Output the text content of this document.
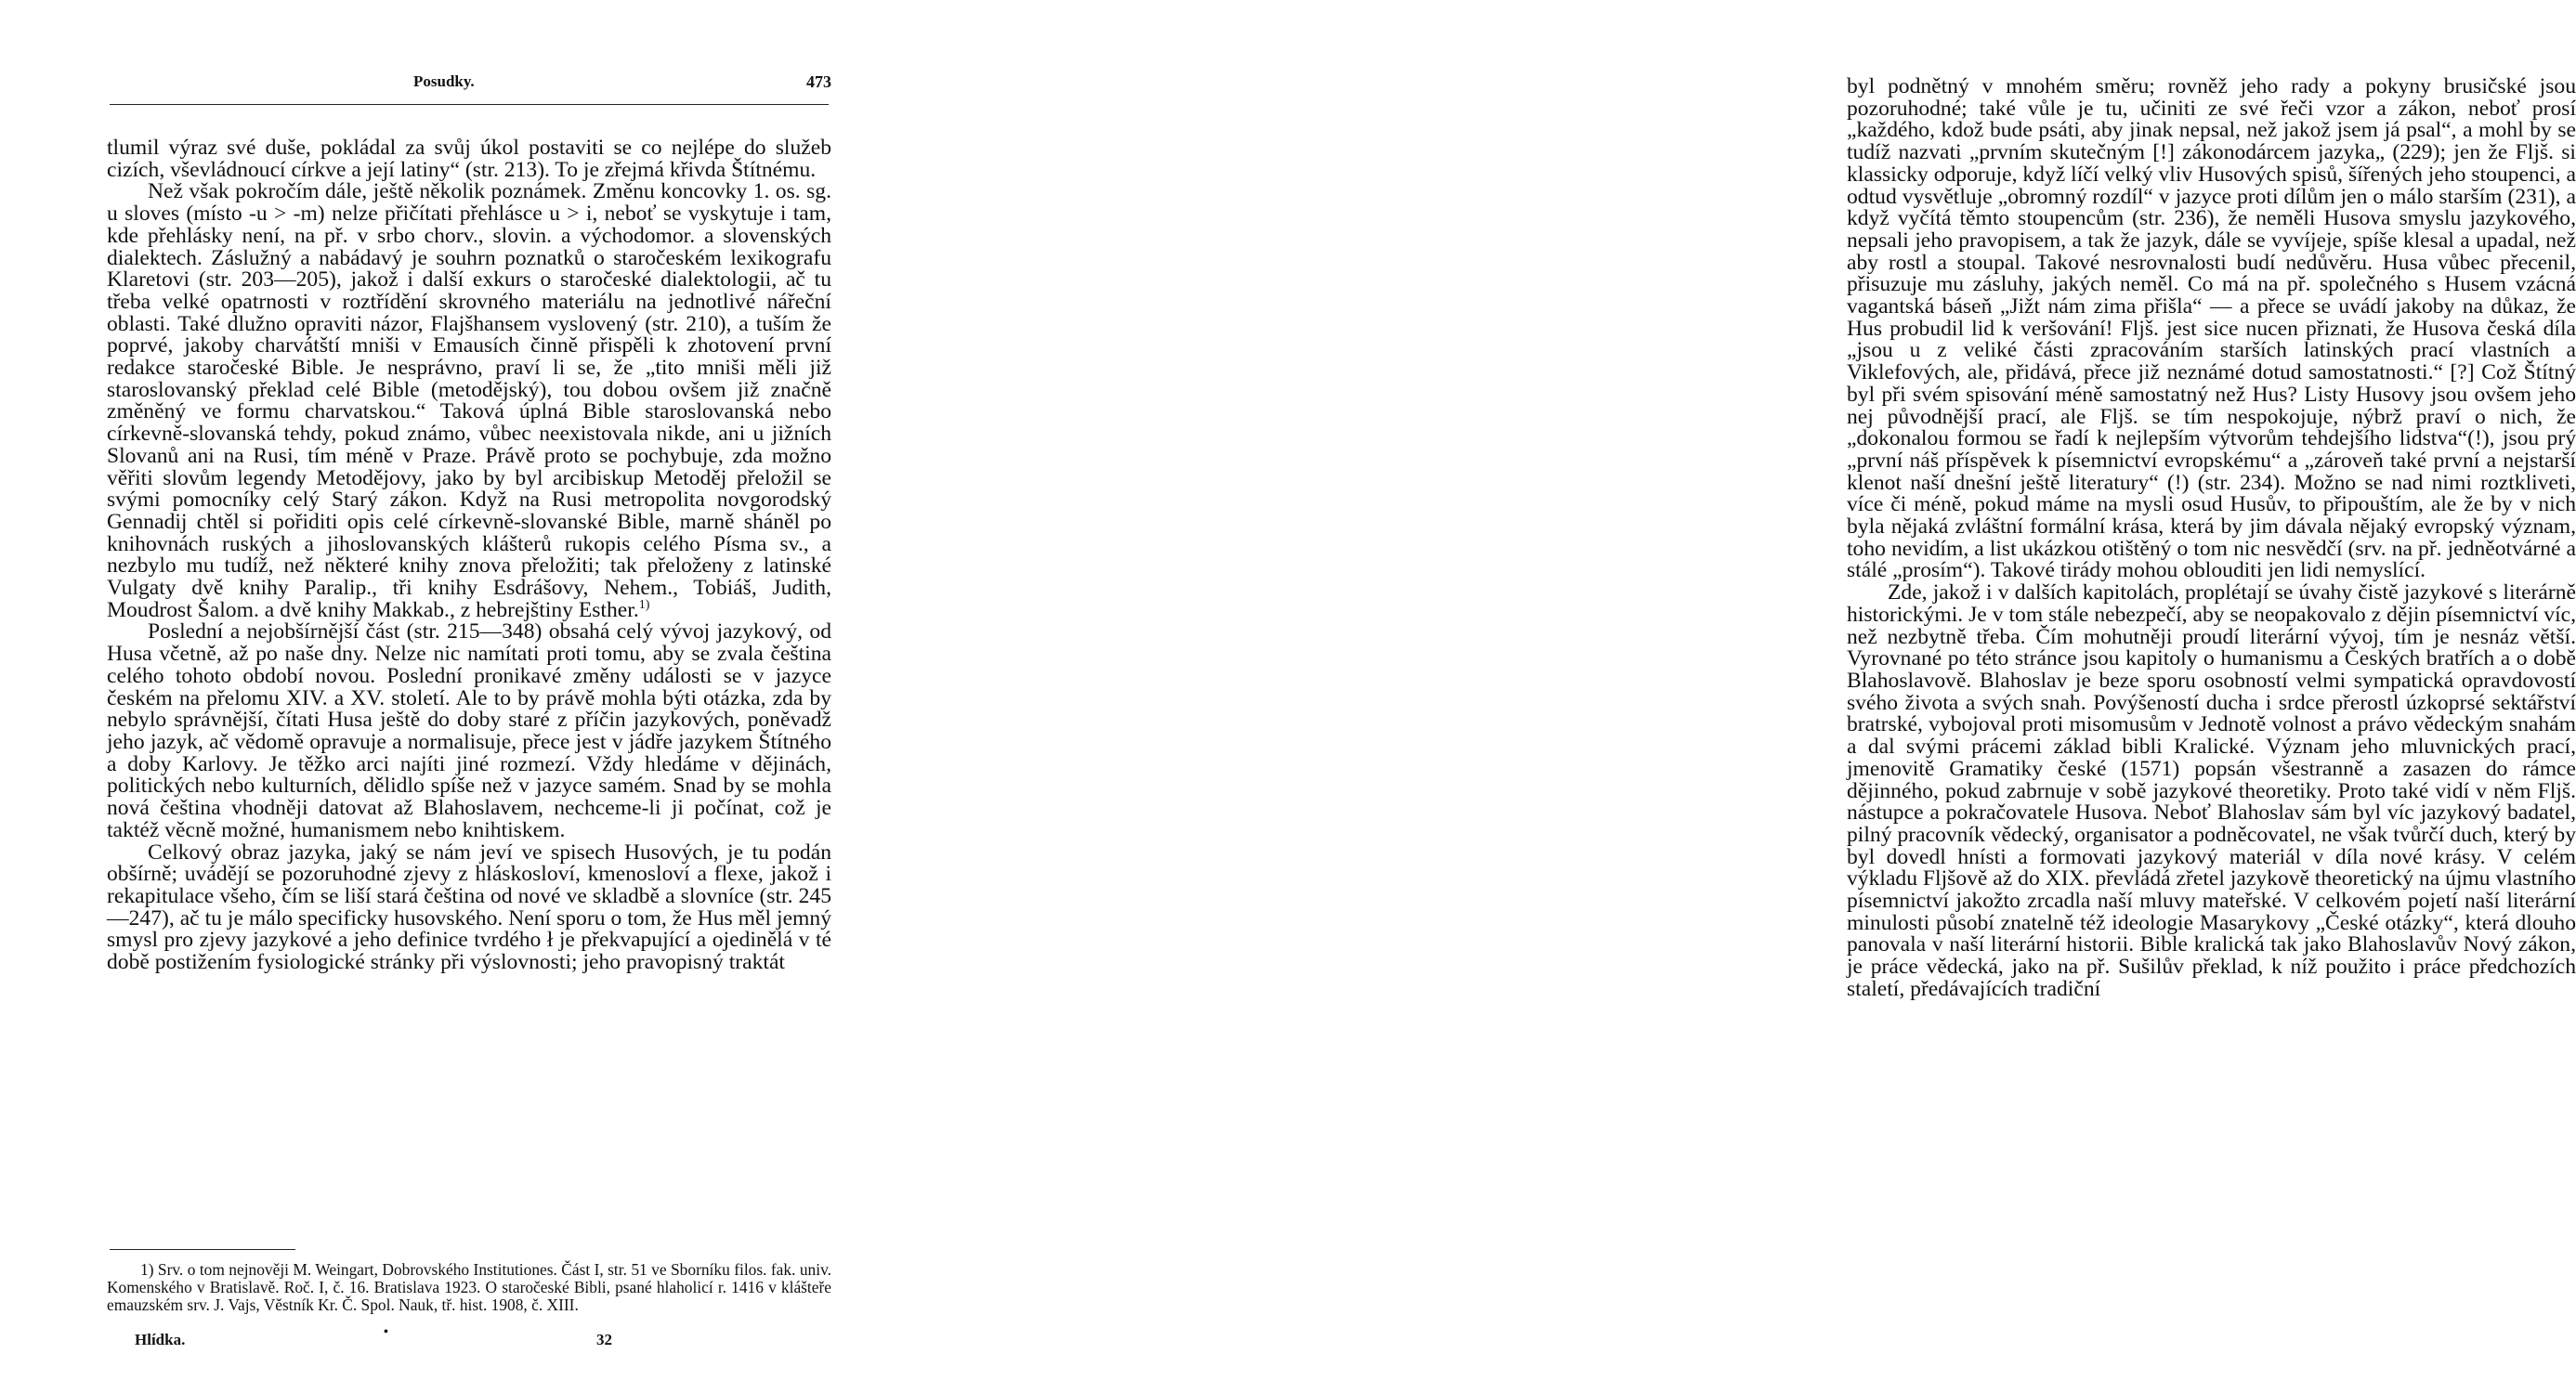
Posudky.	473

tlumil výraz své duše, pokládal za svůj úkol postaviti se co nejlépe do služeb cizích, vševládnoucí církve a její latiny“ (str. 213). To je zřejmá křivda Štítnému.

Než však pokročím dále, ještě několik poznámek. Změnu koncovky 1. os. sg. u sloves (místo ‑u > ‑m) nelze přičítati přehlásce u > i, neboť se vyskytuje i tam, kde přehlásky není, na př. v srbo chorv., slovin. a východomor. a slovenských dialektech. Záslužný a nabádavý je souhrn poznatků o staročeském lexikografu Klaretovi (str. 203—205), jakož i další exkurs o staročeské dialektologii, ač tu třeba velké opatrnosti v roztřídění skrovného materiálu na jednotlivé nářeční oblasti. Také dlužno opraviti názor, Flajšhansem vyslovený (str. 210), a tuším že poprvé, jakoby charvátští mniši v Emausích činně přispěli k zhotovení první redakce staročeské Bible. Je nesprávno, praví li se, že „tito mniši měli již staroslovanský překlad celé Bible (metodějský), tou dobou ovšem již značně změněný ve formu charvatskou.“ Taková úplná Bible staroslovanská nebo církevně-slovanská tehdy, pokud známo, vůbec neexistovala nikde, ani u jižních Slovanů ani na Rusi, tím méně v Praze. Právě proto se pochybuje, zda možno věřiti slovům legendy Metodějovy, jako by byl arcibiskup Metoděj přeložil se svými pomocníky celý Starý zákon. Když na Rusi metropolita novgorodský Gennadij chtěl si pořiditi opis celé církevně-slovanské Bible, marně sháněl po knihovnách ruských a jihoslovanských klášterů rukopis celého Písma sv., a nezbylo mu tudíž, než některé knihy znova přeložiti; tak přeloženy z latinské Vulgaty dvě knihy Paralip., tři knihy Esdrášovy, Nehem., Tobiáš, Judith, Moudrost Šalom. a dvě knihy Makkab., z hebrejštiny Esther.$^{1)}$

Poslední a nejobšírnější část (str. 215—348) obsahá celý vývoj jazykový, od Husa včetně, až po naše dny. Nelze nic namítati proti tomu, aby se zvala čeština celého tohoto období novou. Poslední pronikavé změny události se v jazyce českém na přelomu XIV. a XV. století. Ale to by právě mohla býti otázka, zda by nebylo správnější, čítati Husa ještě do doby staré z příčin jazykových, poněvadž jeho jazyk, ač vědomě opravuje a normalisuje, přece jest v jádře jazykem Štítného a doby Karlovy. Je těžko arci najíti jiné rozmezí. Vždy hledáme v dějinách, politických nebo kulturních, dělidlo spíše než v jazyce samém. Snad by se mohla nová čeština vhodněji datovat až Blahoslavem, nechceme-li ji počínat, což je taktéž věcně možné, humanismem nebo knihtiskem.

Celkový obraz jazyka, jaký se nám jeví ve spisech Husových, je tu podán obšírně; uvádějí se pozoruhodné zjevy z hláskosloví, kmenosloví a flexe, jakož i rekapitulace všeho, čím se liší stará čeština od nové ve skladbě a slovníce (str. 245—247), ač tu je málo specificky husovského. Není sporu o tom, že Hus měl jemný smysl pro zjevy jazykové a jeho definice tvrdého ł je překvapující a ojedinělá v té době postižením fysiologické stránky při výslovnosti; jeho pravopisný traktát

1) Srv. o tom nejnověji M. Weingart, Dobrovského Institutiones. Část I, str. 51 ve Sborníku filos. fak. univ. Komenského v Bratislavě. Roč. I, č. 16. Bratislava 1923. O staročeské Bibli, psané hlaholicí r. 1416 v klášteře emauzském srv. J. Vajs, Věstník Kr. Č. Spol. Nauk, tř. hist. 1908, č. XIII.

Hlídka.	•	32

byl podnětný v mnohém směru; rovněž jeho rady a pokyny brusičské jsou pozoruhodné; také vůle je tu, učiniti ze své řeči vzor a zákon, neboť prosí „každého, kdož bude psáti, aby jinak nepsal, než jakož jsem já psal“, a mohl by se tudíž nazvati „prvním skutečným [!] zákonodárcem jazyka„ (229); jen že Fljš. si klassicky odporuje, když líčí velký vliv Husových spisů, šířených jeho stoupenci, a odtud vysvětluje „obromný rozdíl“ v jazyce proti dílům jen o málo starším (231), a když vyčítá těmto stoupencům (str. 236), že neměli Husova smyslu jazykového, nepsali jeho pravopisem, a tak že jazyk, dále se vyvíjeje, spíše klesal a upadal, než aby rostl a stoupal. Takové nesrovnalosti budí nedůvěru. Husa vůbec přecenil, přisuzuje mu zásluhy, jakých neměl. Co má na př. společného s Husem vzácná vagantská báseň „Jižt nám zima přišla“ — a přece se uvádí jakoby na důkaz, že Hus probudil lid k veršování! Fljš. jest sice nucen přiznati, že Husova česká díla „jsou u z veliké části zpracováním starších latinských prací vlastních a Viklefových, ale, přidává, přece již neznámé dotud samostatnosti.“ [?] Což Štítný byl při svém spisování méně samostatný než Hus? Listy Husovy jsou ovšem jeho nej původnější prací, ale Fljš. se tím nespokojuje, nýbrž praví o nich, že „dokonalou formou se řadí k nejlepším výtvorům tehdejšího lidstva“(!), jsou prý „první náš příspěvek k písemnictví evropskému“ a „zároveň také první a nejstarší klenot naší dnešní ještě literatury“ (!) (str. 234). Možno se nad nimi roztkliveti, více či méně, pokud máme na mysli osud Husův, to připouštím, ale že by v nich byla nějaká zvláštní formální krása, která by jim dávala nějaký evropský význam, toho nevidím, a list ukázkou otištěný o tom nic nesvědčí (srv. na př. jedněotvárné a stálé „prosím“). Takové tirády mohou oblouditi jen lidi nemyslící.

Zde, jakož i v dalších kapitolách, proplétají se úvahy čistě jazykové s literárně historickými. Je v tom stále nebezpečí, aby se neopakovalo z dějin písemnictví víc, než nezbytně třeba. Čím mohutněji proudí literární vývoj, tím je nesnáz větší. Vyrovnané po této stránce jsou kapitoly o humanismu a Českých bratřích a o době Blahoslavově. Blahoslav je beze sporu osobností velmi sympatická opravdovostí svého života a svých snah. Povýšeností ducha i srdce přerostl úzkoprsé sektářství bratrské, vybojoval proti misomusům v Jednotě volnost a právo vědeckým snahám a dal svými prácemi základ bibli Kralické. Význam jeho mluvnických prací, jmenovitě Gramatiky české (1571) popsán všestranně a zasazen do rámce dějinného, pokud zabrnuje v sobě jazykové theoretiky. Proto také vidí v něm Fljš. nástupce a pokračovatele Husova. Neboť Blahoslav sám byl víc jazykový badatel, pilný pracovník vědecký, organisator a podněcovatel, ne však tvůrčí duch, který by byl dovedl hnísti a formovati jazykový materiál v díla nové krásy. V celém výkladu Fljšově až do XIX. převládá zřetel jazykově theoretický na újmu vlastního písemnictví jakožto zrcadla naší mluvy mateřské. V celkovém pojetí naší literární minulosti působí znatelně též ideologie Masarykovy „České otázky“, která dlouho panovala v naší literární historii. Bible kralická tak jako Blahoslavův Nový zákon, je práce vědecká, jako na př. Sušilův překlad, k níž použito i práce předchozích staletí, předávajících tradiční
